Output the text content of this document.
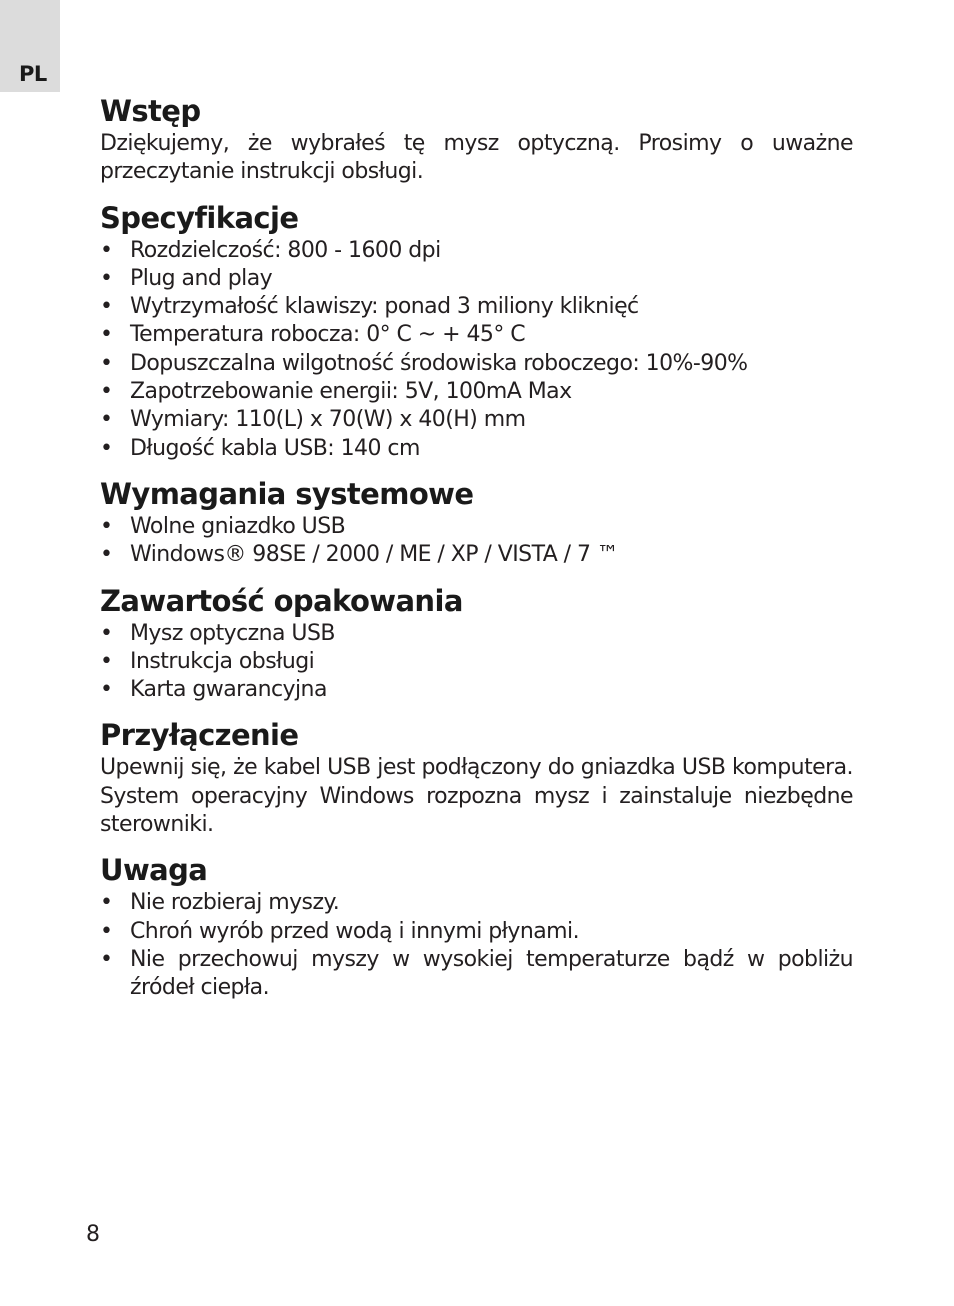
PL
Wstęp

Dziękujemy, że wybrałeś tę mysz optyczną. Prosimy o uważne przeczytanie instrukcji obsługi.

Specyfikacje
• Rozdzielczość: 800 - 1600 dpi
• Plug and play
• Wytrzymałość klawiszy: ponad 3 miliony kliknięć
• Temperatura robocza: 0° C ~ + 45° C
• Dopuszczalna wilgotność środowiska roboczego: 10%-90%
• Zapotrzebowanie energii: 5V, 100mA Max
• Wymiary: 110(L) x 70(W) x 40(H) mm
• Długość kabla USB: 140 cm
Wymagania systemowe
• Wolne gniazdko USB
• Windows® 98SE / 2000 / ME / XP / VISTA / 7 ™
Zawartość opakowania
• Mysz optyczna USB
• Instrukcja obsługi
• Karta gwarancyjna
Przyłączenie

Upewnij się, że kabel USB jest podłączony do gniazdka USB komputera. System operacyjny Windows rozpozna mysz i zainstaluje niezbędne sterowniki.

Uwaga
• Nie rozbieraj myszy.
• Chroń wyrób przed wodą i innymi płynami.
• Nie przechowuj myszy w wysokiej temperaturze bądź w pobliżu źródeł ciepła.
8
